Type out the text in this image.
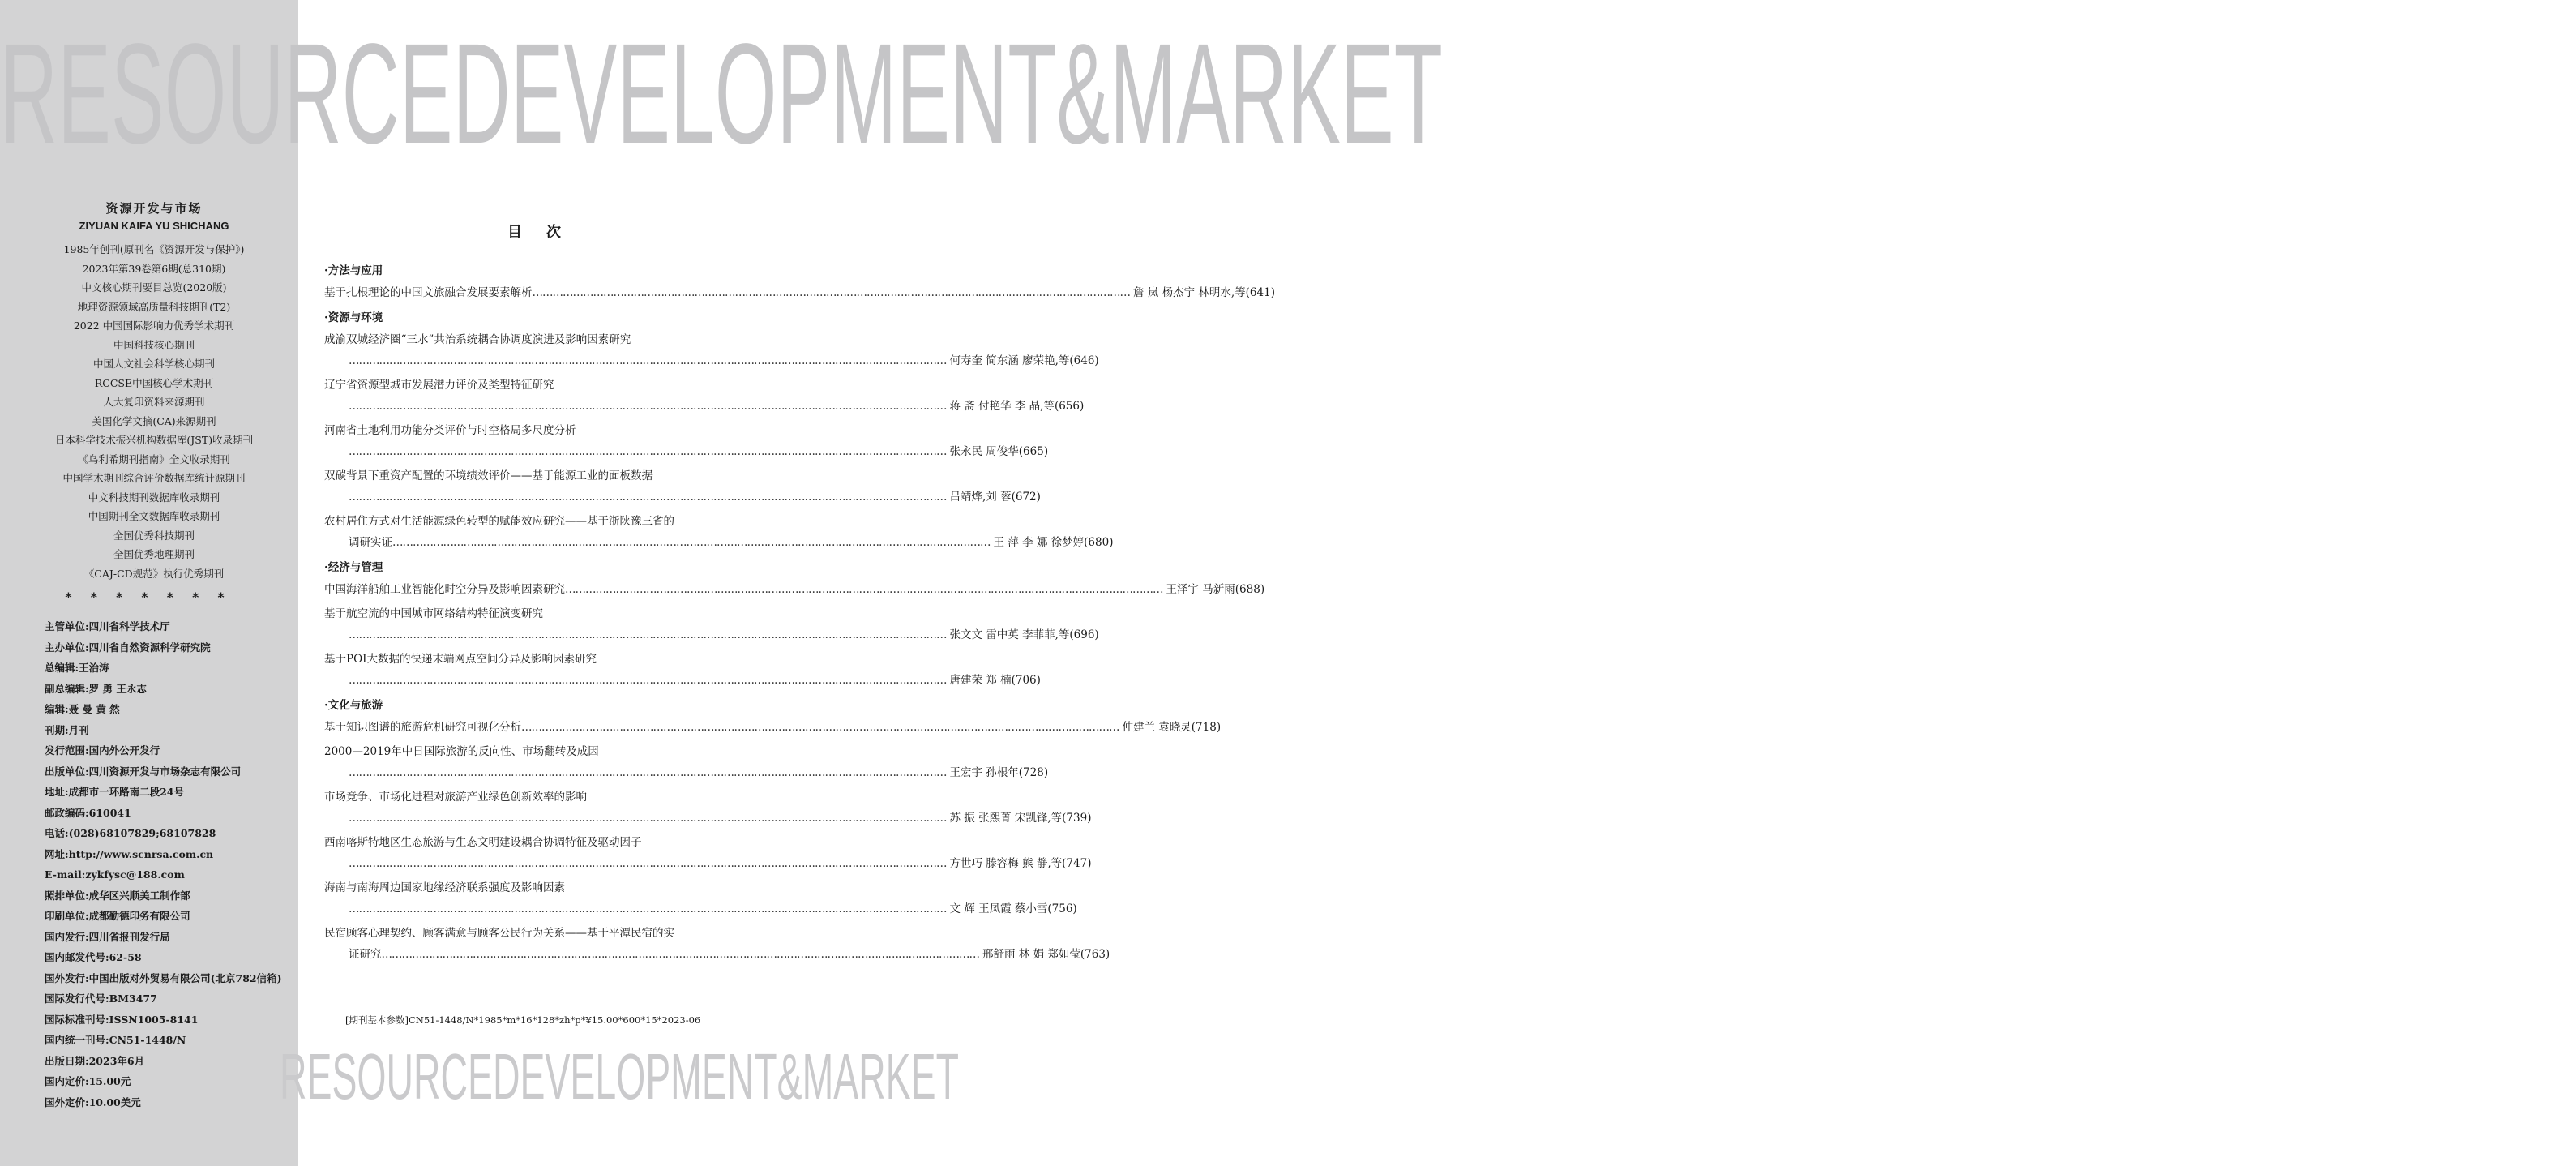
RESOURCEDEVELOPMENT&MARKET
资源开发与市场
ZIYUAN KAIFA YU SHICHANG
1985年创刊(原刊名《资源开发与保护》)
2023年第39卷第6期(总310期)
中文核心期刊要目总览(2020版)
地理资源领域高质量科技期刊(T2)
2022 中国国际影响力优秀学术期刊
中国科技核心期刊
中国人文社会科学核心期刊
RCCSE中国核心学术期刊
人大复印资料来源期刊
美国化学文摘(CA)来源期刊
日本科学技术振兴机构数据库(JST)收录期刊
《乌利希期刊指南》全文收录期刊
中国学术期刊综合评价数据库统计源期刊
中文科技期刊数据库收录期刊
中国期刊全文数据库收录期刊
全国优秀科技期刊
全国优秀地理期刊
《CAJ-CD规范》执行优秀期刊
*******
主管单位:四川省科学技术厅
主办单位:四川省自然资源科学研究院
总编辑:王治涛
副总编辑:罗 勇 王永志
编辑:聂 曼 黄 然
刊期:月刊
发行范围:国内外公开发行
出版单位:四川资源开发与市场杂志有限公司
地址:成都市一环路南二段24号
邮政编码:610041
电话:(028)68107829;68107828
网址:http://www.scnrsa.com.cn
E-mail:zykfysc@188.com
照排单位:成华区兴顺美工制作部
印刷单位:成都勤德印务有限公司
国内发行:四川省报刊发行局
国内邮发代号:62-58
国外发行:中国出版对外贸易有限公司(北京782信箱)
国际发行代号:BM3477
国际标准刊号:ISSN1005-8141
国内统一刊号:CN51-1448/N
出版日期:2023年6月
国内定价:15.00元
国外定价:10.00美元
目次
·方法与应用
基于扎根理论的中国文旅融合发展要素解析 ……………………………………………………………………………………………………………………………………………………………	詹 岚 杨杰宁 林明水,等(641)
·资源与环境
成渝双城经济圈“三水”共治系统耦合协调度演进及影响因素研究
……………………………………………………………………………………………………………………………………………………………
何寿奎 简东涵 廖荣艳,等(646)
辽宁省资源型城市发展潜力评价及类型特征研究
……………………………………………………………………………………………………………………………………………………………
蒋 斋 付艳华 李 晶,等(656)
河南省土地利用功能分类评价与时空格局多尺度分析
……………………………………………………………………………………………………………………………………………………………
张永民 周俊华(665)
双碳背景下重资产配置的环境绩效评价——基于能源工业的面板数据
……………………………………………………………………………………………………………………………………………………………
吕靖烨,刘 蓉(672)
农村居住方式对生活能源绿色转型的赋能效应研究——基于浙陕豫三省的
调研实证 ……………………………………………………………………………………………………………………………………………………………	王 萍 李 娜 徐梦婷(680)
·经济与管理
中国海洋船舶工业智能化时空分异及影响因素研究 ……………………………………………………………………………………………………………………………………………………………	王泽宇 马新雨(688)
基于航空流的中国城市网络结构特征演变研究
……………………………………………………………………………………………………………………………………………………………
张文文 雷中英 李菲菲,等(696)
基于POI大数据的快递末端网点空间分异及影响因素研究
……………………………………………………………………………………………………………………………………………………………
唐建荣 郑 楠(706)
·文化与旅游
基于知识图谱的旅游危机研究可视化分析 ……………………………………………………………………………………………………………………………………………………………	仲建兰 袁晓灵(718)
2000—2019年中日国际旅游的反向性、市场翻转及成因
……………………………………………………………………………………………………………………………………………………………
王宏宇 孙根年(728)
市场竞争、市场化进程对旅游产业绿色创新效率的影响
……………………………………………………………………………………………………………………………………………………………
苏 振 张熙菁 宋凯锋,等(739)
西南喀斯特地区生态旅游与生态文明建设耦合协调特征及驱动因子
……………………………………………………………………………………………………………………………………………………………
方世巧 滕容梅 熊 静,等(747)
海南与南海周边国家地缘经济联系强度及影响因素
……………………………………………………………………………………………………………………………………………………………
文 辉 王凤霞 蔡小雪(756)
民宿顾客心理契约、顾客满意与顾客公民行为关系——基于平潭民宿的实
证研究 ……………………………………………………………………………………………………………………………………………………………	邢舒雨 林 娟 郑如莹(763)
[期刊基本参数]CN51-1448/N*1985*m*16*128*zh*p*¥15.00*600*15*2023-06
RESOURCEDEVELOPMENT&MARKET
